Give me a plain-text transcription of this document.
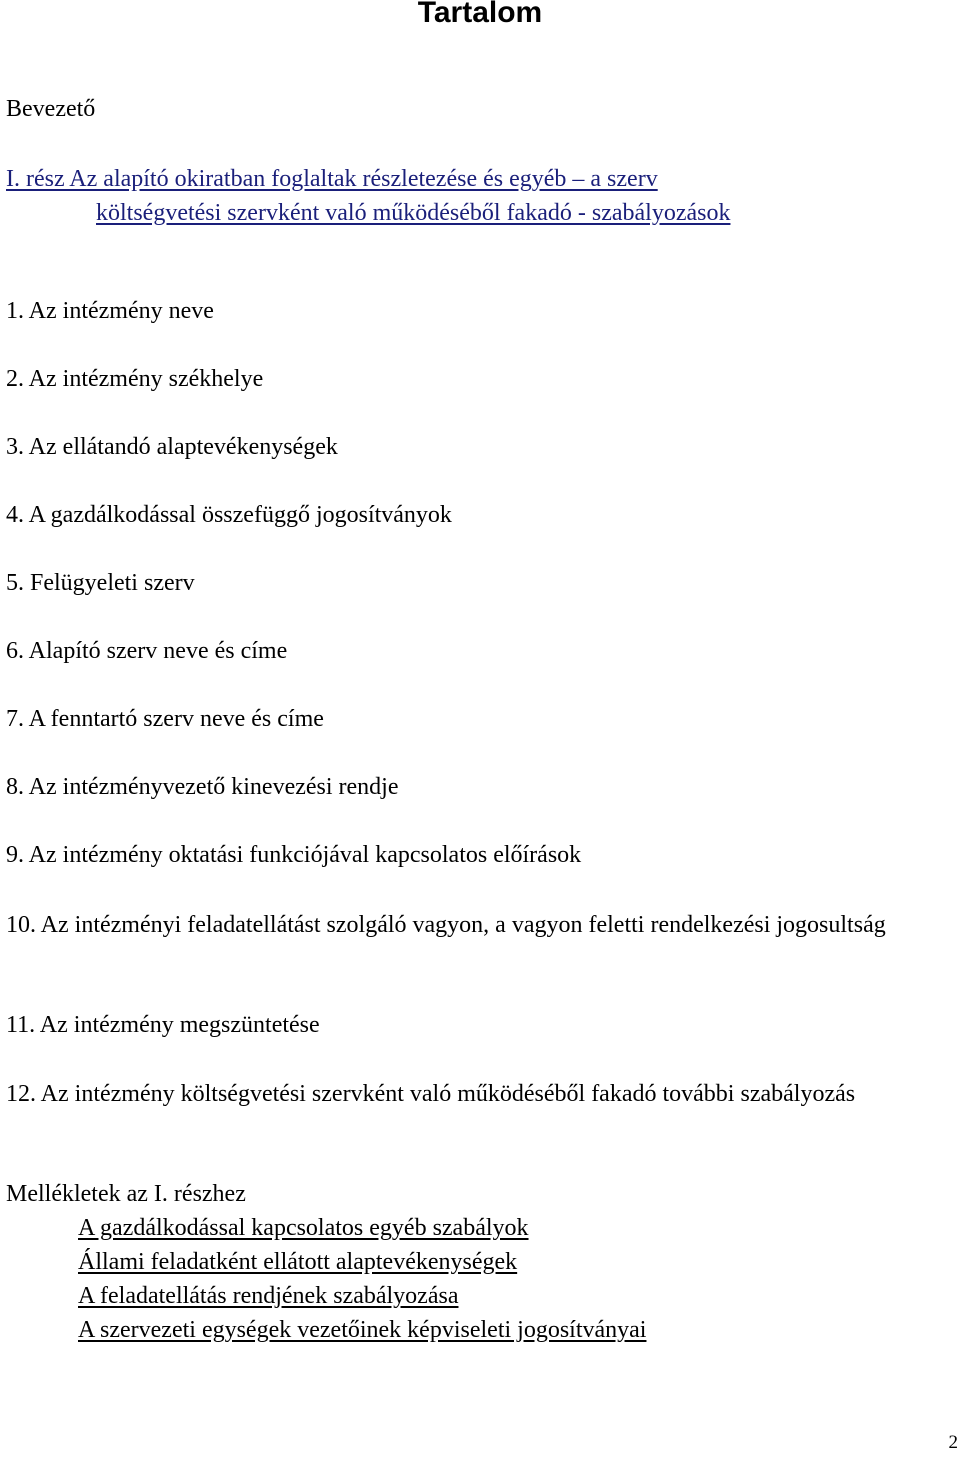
Tartalom
Bevezető
I. rész Az alapító okiratban foglaltak részletezése és egyéb – a szerv
költségvetési szervként való működéséből fakadó - szabályozások
1. Az intézmény neve
2. Az intézmény székhelye
3. Az ellátandó alaptevékenységek
4. A gazdálkodással összefüggő jogosítványok
5. Felügyeleti szerv
6. Alapító szerv neve és címe
7. A fenntartó szerv neve és címe
8. Az intézményvezető kinevezési rendje
9. Az intézmény oktatási funkciójával kapcsolatos előírások
10. Az intézményi feladatellátást szolgáló vagyon, a vagyon feletti rendelkezési jogosultság
11. Az intézmény megszüntetése
12. Az intézmény költségvetési szervként való működéséből fakadó további szabályozás
Mellékletek az I. részhez
A gazdálkodással kapcsolatos egyéb szabályok
Állami feladatként ellátott alaptevékenységek
A feladatellátás rendjének szabályozása
A szervezeti egységek vezetőinek képviseleti jogosítványai
2
